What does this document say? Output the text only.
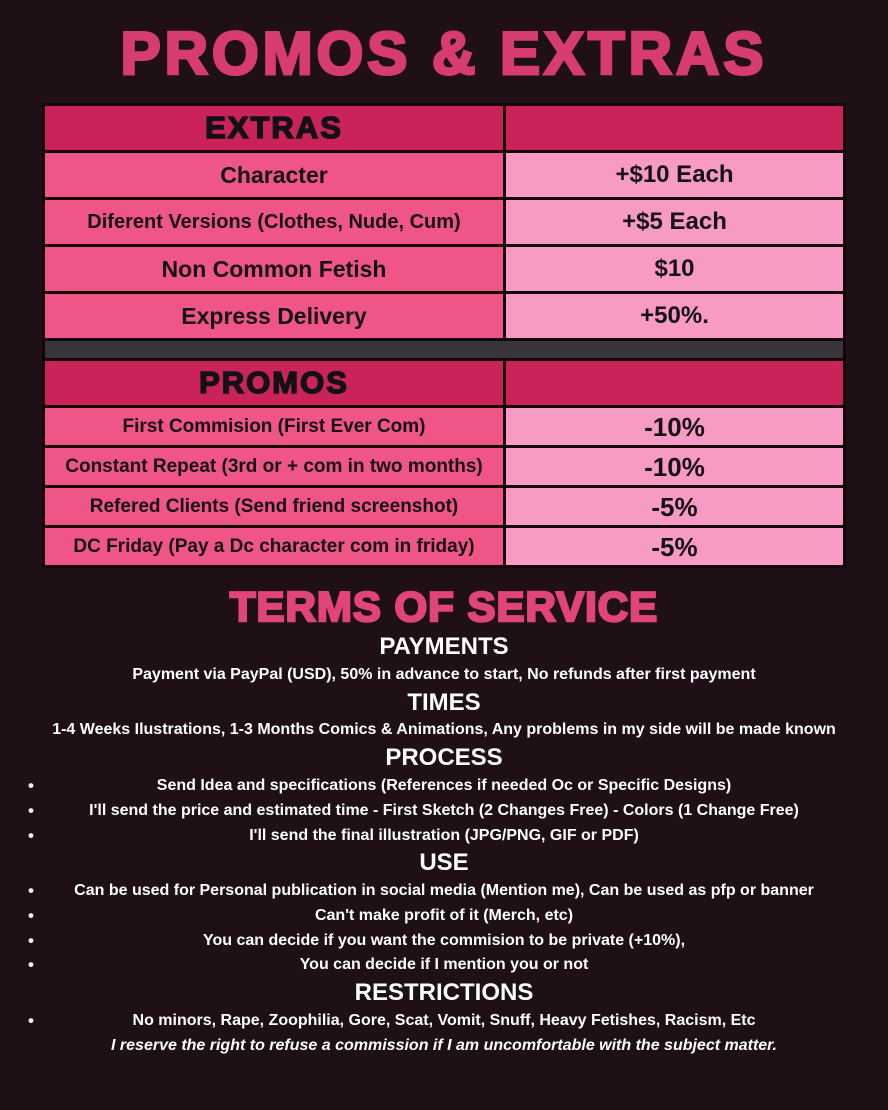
PROMOS & EXTRAS
EXTRAS	
Character	+$10 Each
Diferent Versions (Clothes, Nude, Cum)	+$5 Each
Non Common Fetish	$10
Express Delivery	+50%.

PROMOS	
First Commision (First Ever Com)	-10%
Constant Repeat (3rd or + com in two months)	-10%
Refered Clients (Send friend screenshot)	-5%
DC Friday (Pay a Dc character com in friday)	-5%
TERMS OF SERVICE
PAYMENTS
Payment via PayPal (USD), 50% in advance to start, No refunds after first payment
TIMES
1-4 Weeks Ilustrations, 1-3 Months Comics & Animations, Any problems in my side will be made known
PROCESS
•	Send Idea and specifications (References if needed Oc or Specific Designs)
•	I'll send the price and estimated time - First Sketch (2 Changes Free) - Colors (1 Change Free)
•	I'll send the final illustration (JPG/PNG, GIF or PDF)
USE
•	Can be used for Personal publication in social media (Mention me), Can be used as pfp or banner
•	Can't make profit of it (Merch, etc)
•	You can decide if you want the commision to be private (+10%),
•	You can decide if I mention you or not
RESTRICTIONS
•	No minors, Rape, Zoophilia, Gore, Scat, Vomit, Snuff, Heavy Fetishes, Racism, Etc
I reserve the right to refuse a commission if I am uncomfortable with the subject matter.
